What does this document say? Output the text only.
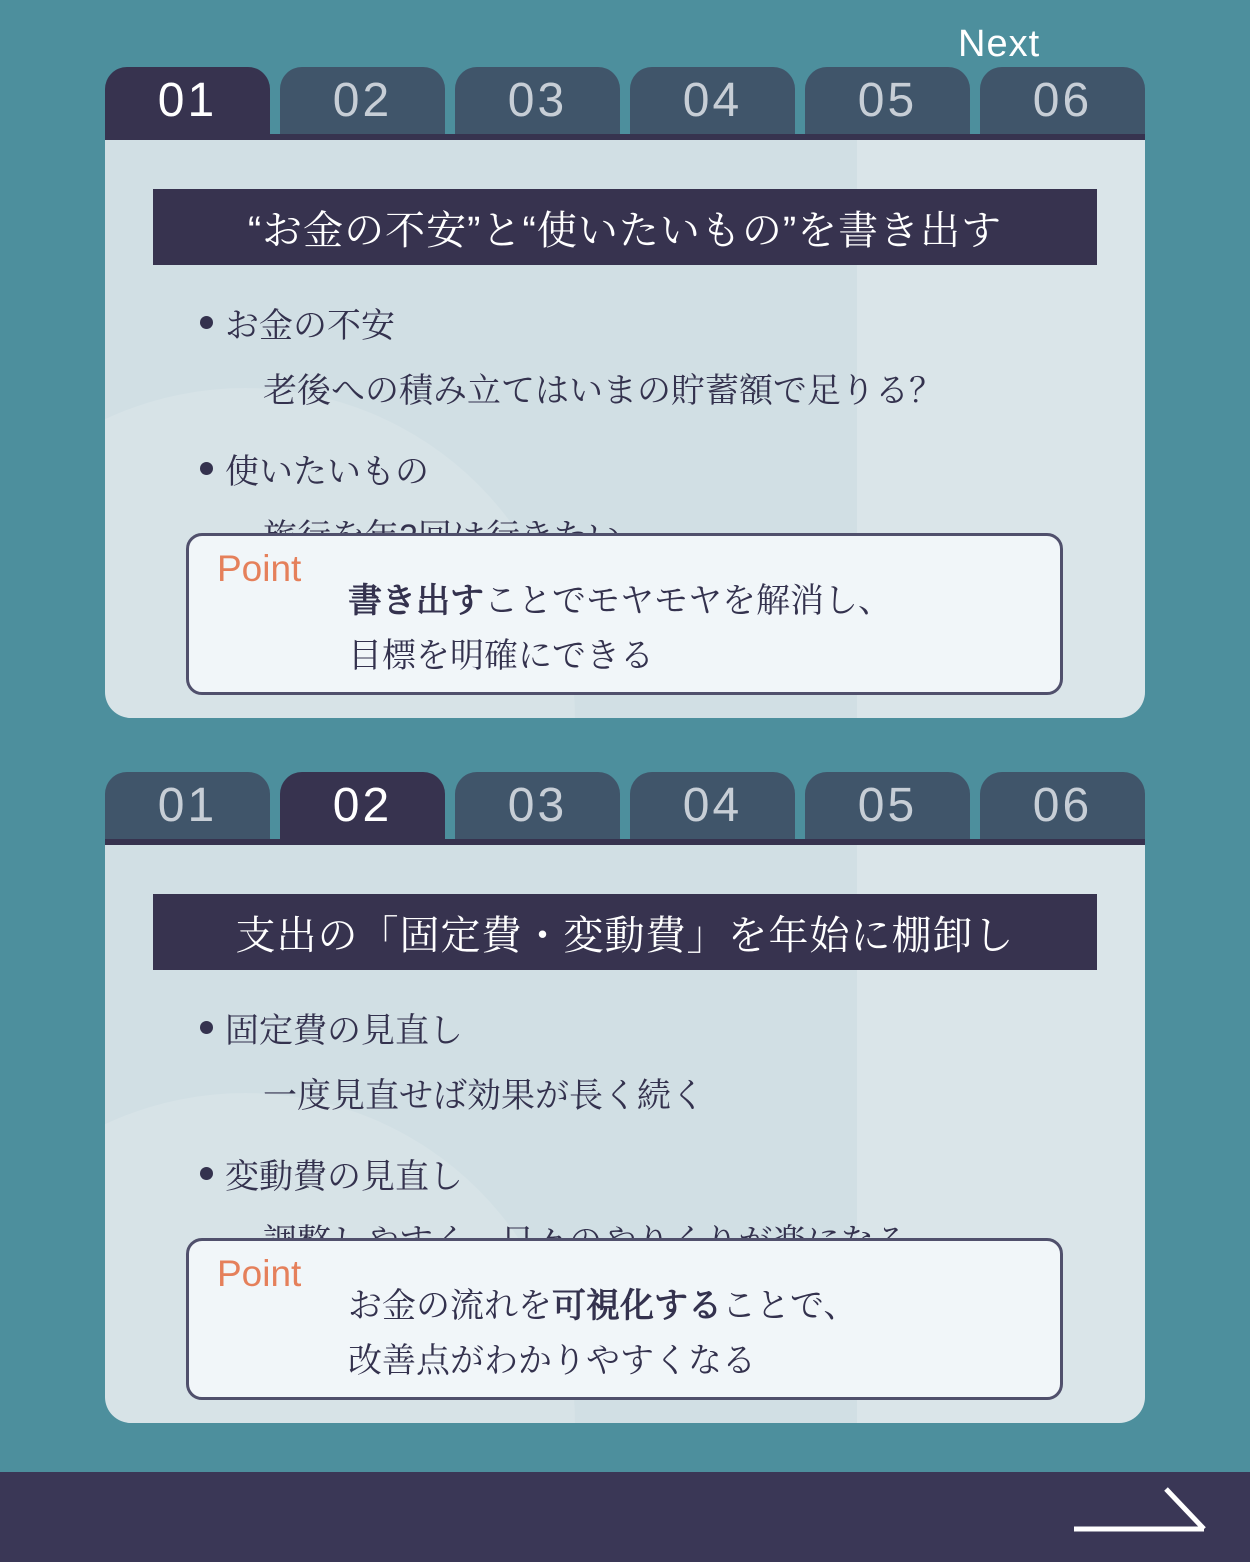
01 02 03 04 05 06
“お金の不安”と“使いたいもの”を書き出す
お金の不安
老後への積み立てはいまの貯蓄額で足りる？
使いたいもの
Point
書き出すことでモヤモヤを解消し、
目標を明確にできる
01 02 03 04 05 06
支出の「固定費・変動費」を年始に棚卸し
固定費の見直し
一度見直せば効果が長く続く
変動費の見直し
Point
お金の流れを可視化することで、
改善点がわかりやすくなる
Next
